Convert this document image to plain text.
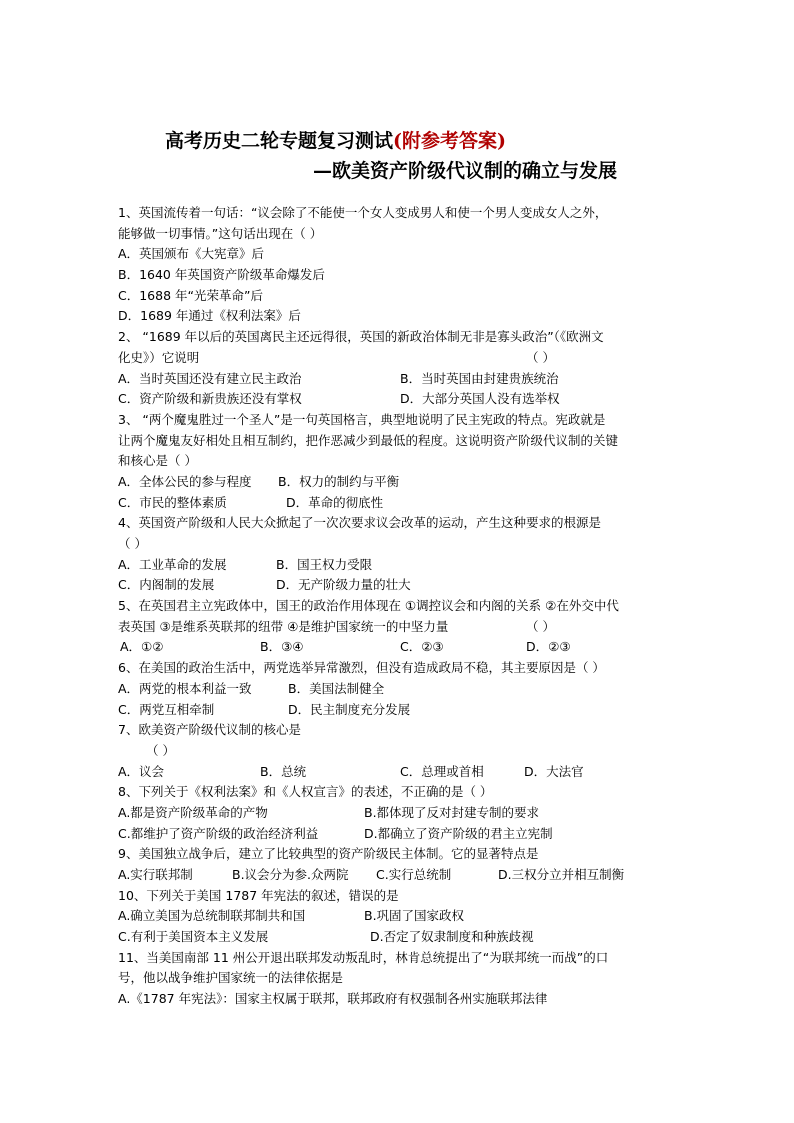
高考历史二轮专题复习测试(附参考答案)
—欧美资产阶级代议制的确立与发展
1、英国流传着一句话：“议会除了不能使一个女人变成男人和使一个男人变成女人之外，
能够做一切事情。”这句话出现在（ ）
A．英国颁布《大宪章》后
B．1640 年英国资产阶级革命爆发后
C．1688 年“光荣革命”后
D．1689 年通过《权利法案》后
2、 “1689 年以后的英国离民主还远得很，英国的新政治体制无非是寡头政治”（《欧洲文
化史》）它说明	（ ）
A．当时英国还没有建立民主政治	B．当时英国由封建贵族统治
C．资产阶级和新贵族还没有掌权	D．大部分英国人没有选举权
3、 “两个魔鬼胜过一个圣人”是一句英国格言，典型地说明了民主宪政的特点。宪政就是
让两个魔鬼友好相处且相互制约，把作恶减少到最低的程度。这说明资产阶级代议制的关键
和核心是（ ）
A．全体公民的参与程度 B．权力的制约与平衡
C．市民的整体素质	D．革命的彻底性
4、英国资产阶级和人民大众掀起了一次次要求议会改革的运动，产生这种要求的根源是
（ ）
A．工业革命的发展	B．国王权力受限
C．内阁制的发展	D．无产阶级力量的壮大
5、在英国君主立宪政体中，国王的政治作用体现在 ①调控议会和内阁的关系 ②在外交中代
表英国 ③是维系英联邦的纽带 ④是维护国家统一的中坚力量	（ ）
A．①②	B．③④	C．②③	D．②③
6、在美国的政治生活中，两党选举异常激烈，但没有造成政局不稳，其主要原因是（ ）
A．两党的根本利益一致	B．美国法制健全
C．两党互相牵制	D．民主制度充分发展
7、欧美资产阶级代议制的核心是
（ ）
A．议会	B．总统	C．总理或首相	D．大法官
8、下列关于《权利法案》和《人权宣言》的表述，不正确的是（ ）
A.都是资产阶级革命的产物	B.都体现了反对封建专制的要求
C.都维护了资产阶级的政治经济利益	D.都确立了资产阶级的君主立宪制
9、美国独立战争后，建立了比较典型的资产阶级民主体制。它的显著特点是
A.实行联邦制	B.议会分为参.众两院 C.实行总统制	D.三权分立并相互制衡
10、下列关于美国 1787 年宪法的叙述，错误的是
A.确立美国为总统制联邦制共和国	B.巩固了国家政权
C.有利于美国资本主义发展	D.否定了奴隶制度和种族歧视
11、当美国南部 11 州公开退出联邦发动叛乱时，林肯总统提出了“为联邦统一而战”的口
号，他以战争维护国家统一的法律依据是
A.《1787 年宪法》：国家主权属于联邦，联邦政府有权强制各州实施联邦法律
